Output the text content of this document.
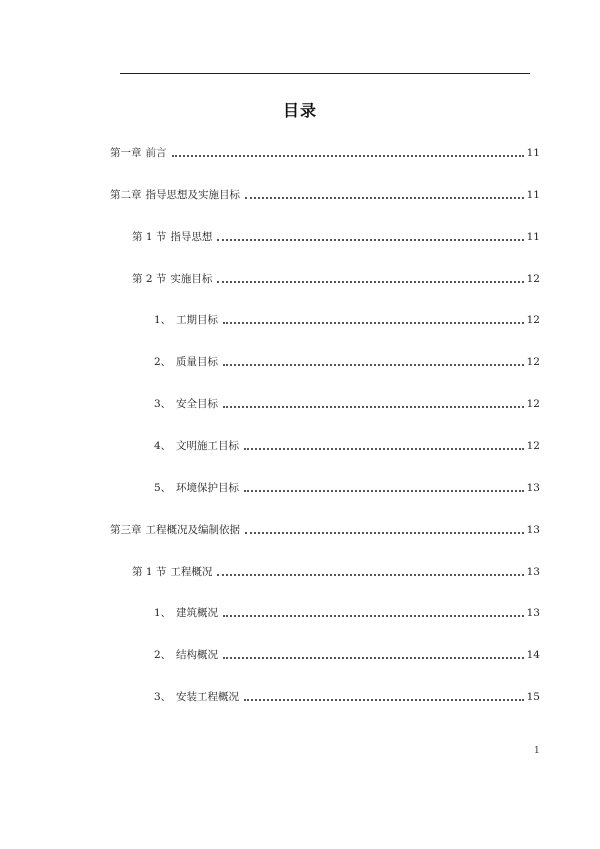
目录
第一章 前言	11
第二章 指导思想及实施目标	11
第 1 节 指导思想	11
第 2 节 实施目标	12
1、 工期目标	12
2、 质量目标	12
3、 安全目标	12
4、 文明施工目标	12
5、 环境保护目标	13
第三章 工程概况及编制依据	13
第 1 节 工程概况	13
1、 建筑概况	13
2、 结构概况	14
3、 安装工程概况	15
1
